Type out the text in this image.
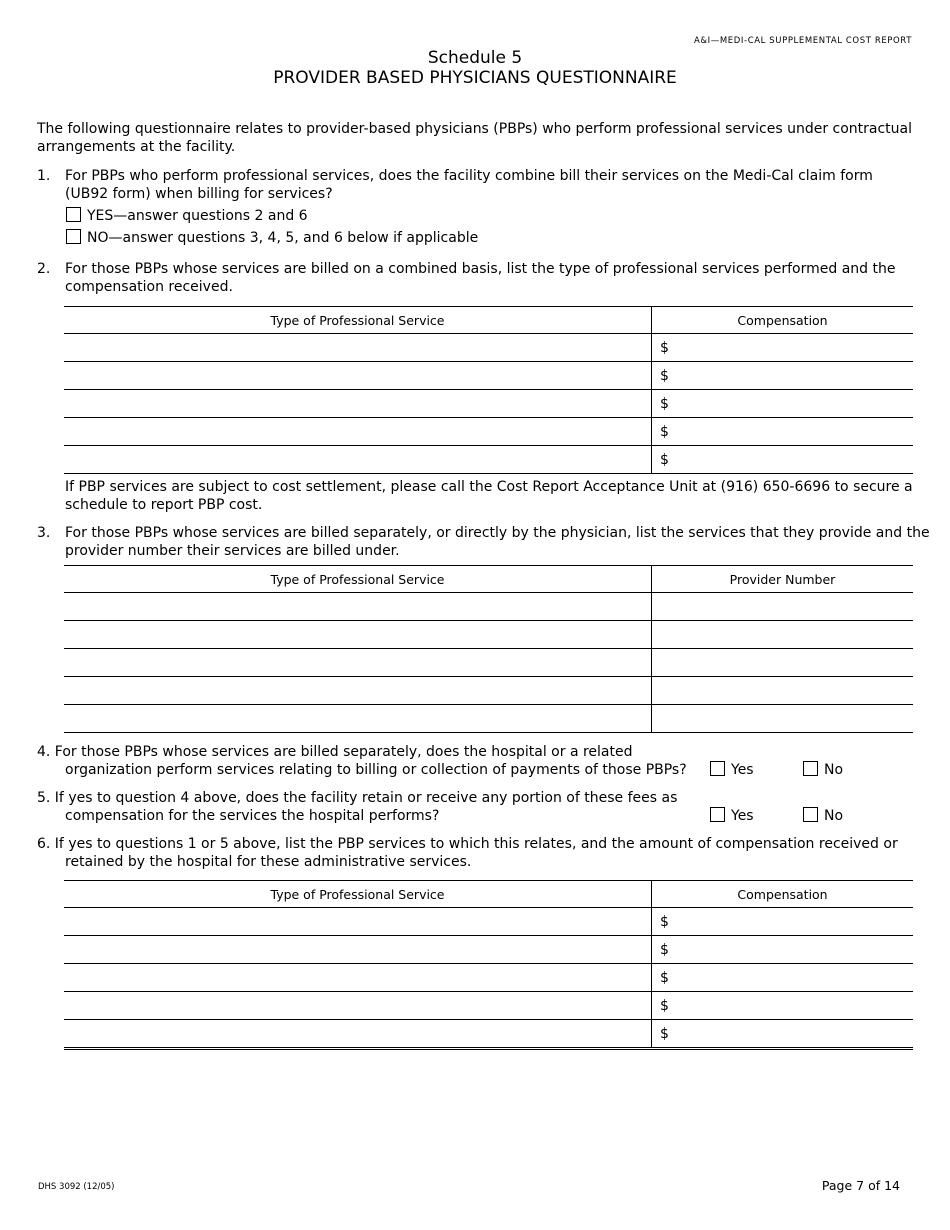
A&I—MEDI-CAL SUPPLEMENTAL COST REPORT
Schedule 5
PROVIDER BASED PHYSICIANS QUESTIONNAIRE
The following questionnaire relates to provider-based physicians (PBPs) who perform professional services under contractual arrangements at the facility.
1. For PBPs who perform professional services, does the facility combine bill their services on the Medi-Cal claim form
(UB92 form) when billing for services?
YES—answer questions 2 and 6
NO—answer questions 3, 4, 5, and 6 below if applicable
2. For those PBPs whose services are billed on a combined basis, list the type of professional services performed and the
compensation received.
Type of Professional Service	Compensation
	$
	$
	$
	$
	$
If PBP services are subject to cost settlement, please call the Cost Report Acceptance Unit at (916) 650-6696 to secure a
schedule to report PBP cost.
3. For those PBPs whose services are billed separately, or directly by the physician, list the services that they provide and the
provider number their services are billed under.
Type of Professional Service	Provider Number

4. For those PBPs whose services are billed separately, does the hospital or a related
organization perform services relating to billing or collection of payments of those PBPs?	Yes	No
5. If yes to question 4 above, does the facility retain or receive any portion of these fees as
compensation for the services the hospital performs?	Yes	No
6. If yes to questions 1 or 5 above, list the PBP services to which this relates, and the amount of compensation received or
retained by the hospital for these administrative services.
Type of Professional Service	Compensation
	$
	$
	$
	$
	$
DHS 3092 (12/05)	Page 7 of 14
